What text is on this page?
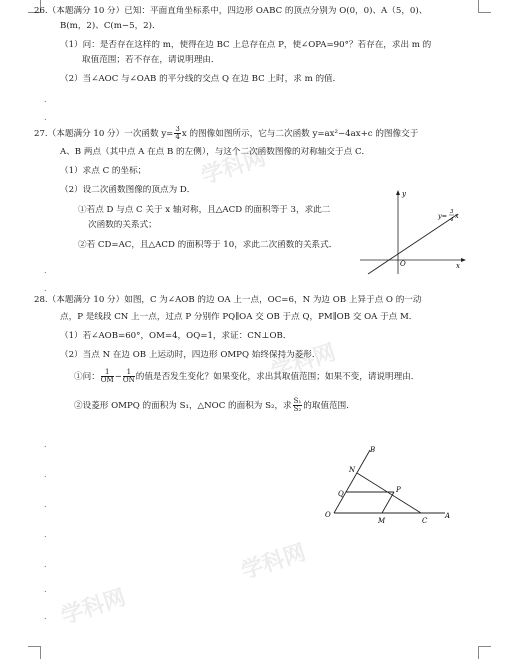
学科网
学科网
学科网
学科网
26.（本题满分 10 分）已知：平面直角坐标系中，四边形 OABC 的顶点分别为 O(0，0)、A（5，0)、
B(m，2)、C(m−5，2)．
（1）问：是否存在这样的 m，使得在边 BC 上总存在点 P，使∠OPA=90°？若存在，求出 m 的
取值范围；若不存在，请说明理由．
（2）当∠AOC 与∠OAB 的平分线的交点 Q 在边 BC 上时，求 m 的值．
27.（本题满分 10 分）一次函数 $y= \frac{3}{4}$ x 的图像如图所示，它与二次函数 y=ax²−4ax+c 的图像交于
A、B 两点（其中点 A 在点 B 的左侧），与这个二次函数图像的对称轴交于点 C．
（1）求点 C 的坐标；
（2）设二次函数图像的顶点为 D．
①若点 D 与点 C 关于 x 轴对称，且△ACD 的面积等于 3，求此二
次函数的关系式；
②若 CD=AC，且△ACD 的面积等于 10，求此二次函数的关系式．
y
x
O
y= 3
4 x
28.（本题满分 10 分）如图，C 为∠AOB 的边 OA 上一点，OC=6，N 为边 OB 上异于点 O 的一动
点，P 是线段 CN 上一点，过点 P 分别作 PQ∥OA 交 OB 于点 Q，PM∥OB 交 OA 于点 M．
（1）若∠AOB=60°，OM=4，OQ=1，求证：CN⊥OB．
（2）当点 N 在边 OB 上运动时，四边形 OMPQ 始终保持为菱形．
①问： $\frac{1}{OM} - \frac{1}{ON}$ 的值是否发生变化？如果变化，求出其取值范围；如果不变，请说明理由．
②设菱形 OMPQ 的面积为 S₁，△NOC 的面积为 S₂，求 $\frac{\text{S₁}}{\text{S₂}}$ 的取值范围．
B
N
Q	P
O
M	C
A
.
.
.
.
.
.
.
.
.
.
.
